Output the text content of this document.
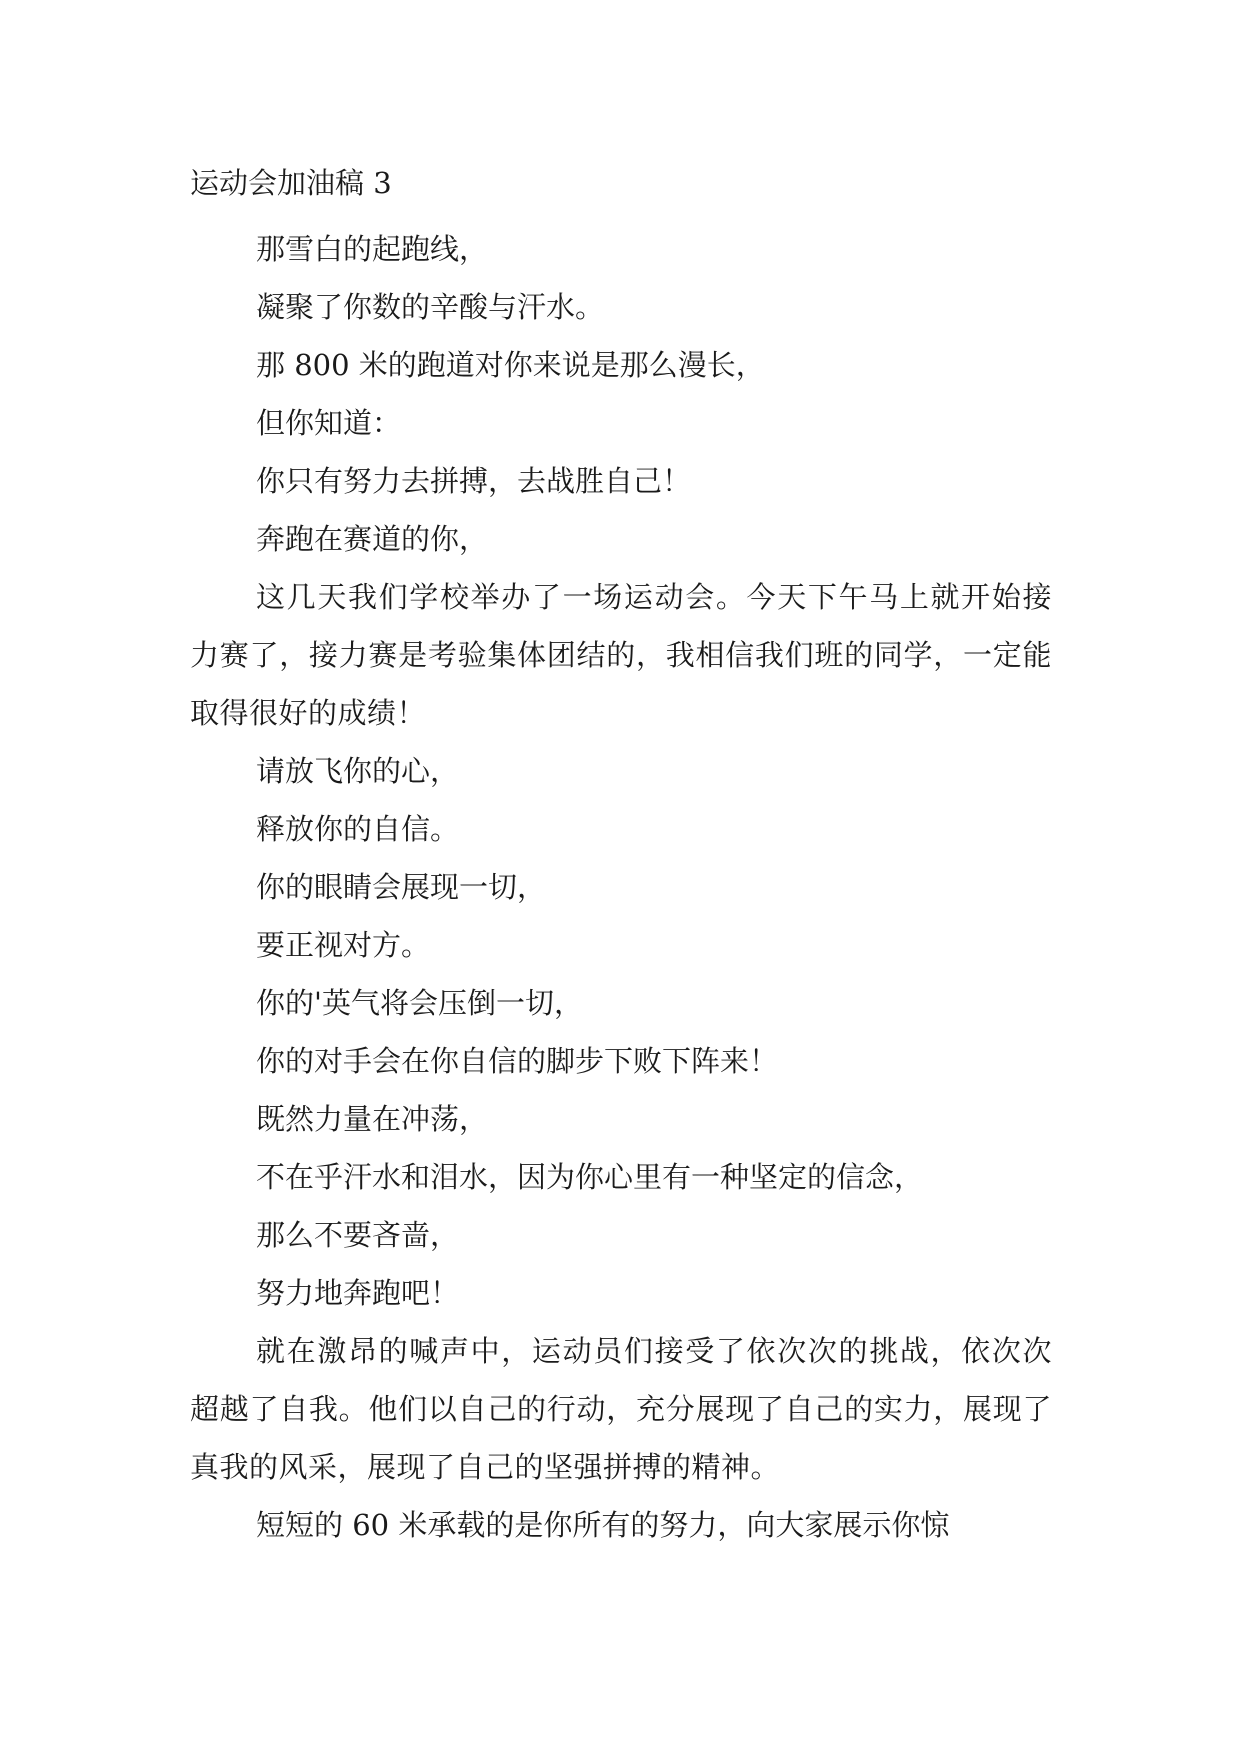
运动会加油稿 3

那雪白的起跑线，

凝聚了你数的辛酸与汗水。

那 800 米的跑道对你来说是那么漫长，

但你知道：

你只有努力去拼搏，去战胜自己！

奔跑在赛道的你，

这几天我们学校举办了一场运动会。今天下午马上就开始接力赛了，接力赛是考验集体团结的，我相信我们班的同学，一定能取得很好的成绩！

请放飞你的心，

释放你的自信。

你的眼睛会展现一切，

要正视对方。

你的'英气将会压倒一切，

你的对手会在你自信的脚步下败下阵来！

既然力量在冲荡，

不在乎汗水和泪水，因为你心里有一种坚定的信念，

那么不要吝啬，

努力地奔跑吧！

就在激昂的喊声中，运动员们接受了依次次的挑战，依次次超越了自我。他们以自己的行动，充分展现了自己的实力，展现了真我的风采，展现了自己的坚强拼搏的精神。

短短的 60 米承载的是你所有的努力，向大家展示你惊
